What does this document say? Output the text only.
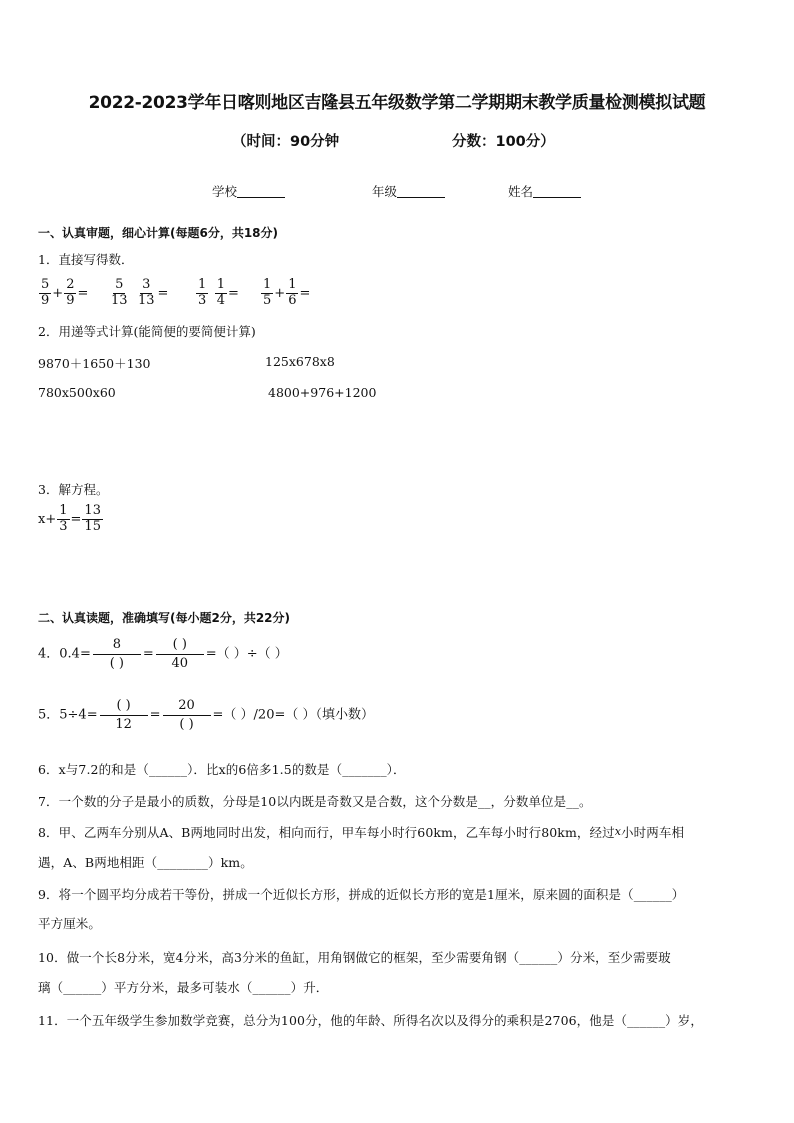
2022-2023学年日喀则地区吉隆县五年级数学第二学期期末教学质量检测模拟试题
（时间：90分钟	分数：100分）
学校	年级	姓名
一、认真审题，细心计算(每题6分，共18分)
1．直接写得数．
$\frac{5}{9} + \frac{2}{9} = \frac{5}{13} \frac{3}{13} = \frac{1}{3} \frac{1}{4} = \frac{1}{5} + \frac{1}{6}$ =
2．用递等式计算(能简便的要简便计算)
9870＋1650＋130	125x678x8
780x500x60	4800+976+1200
3．解方程。
$x+ \frac{1}{3} = \frac{13}{15}$
二、认真读题，准确填写(每小题2分，共22分)
4．0.4=
8
( )
=
( )
40
=（ ）÷（ ）
5．5÷4=
( )
12
=
20
( )
=（ ）/20=（ ）（填小数）
6．x与7.2的和是（______）．比x的6倍多1.5的数是（_______）．
7．一个数的分子是最小的质数，分母是10以内既是奇数又是合数，这个分数是__，分数单位是__。
8．甲、乙两车分别从A、B两地同时出发，相向而行，甲车每小时行60km，乙车每小时行80km，经过x小时两车相
遇，A、B两地相距（________）km。
9．将一个圆平均分成若干等份，拼成一个近似长方形，拼成的近似长方形的宽是1厘米，原来圆的面积是（______）
平方厘米。
10．做一个长8分米，宽4分米，高3分米的鱼缸，用角钢做它的框架，至少需要角钢（______）分米，至少需要玻
璃（______）平方分米，最多可装水（______）升．
11．一个五年级学生参加数学竞赛，总分为100分，他的年龄、所得名次以及得分的乘积是2706，他是（______）岁，
